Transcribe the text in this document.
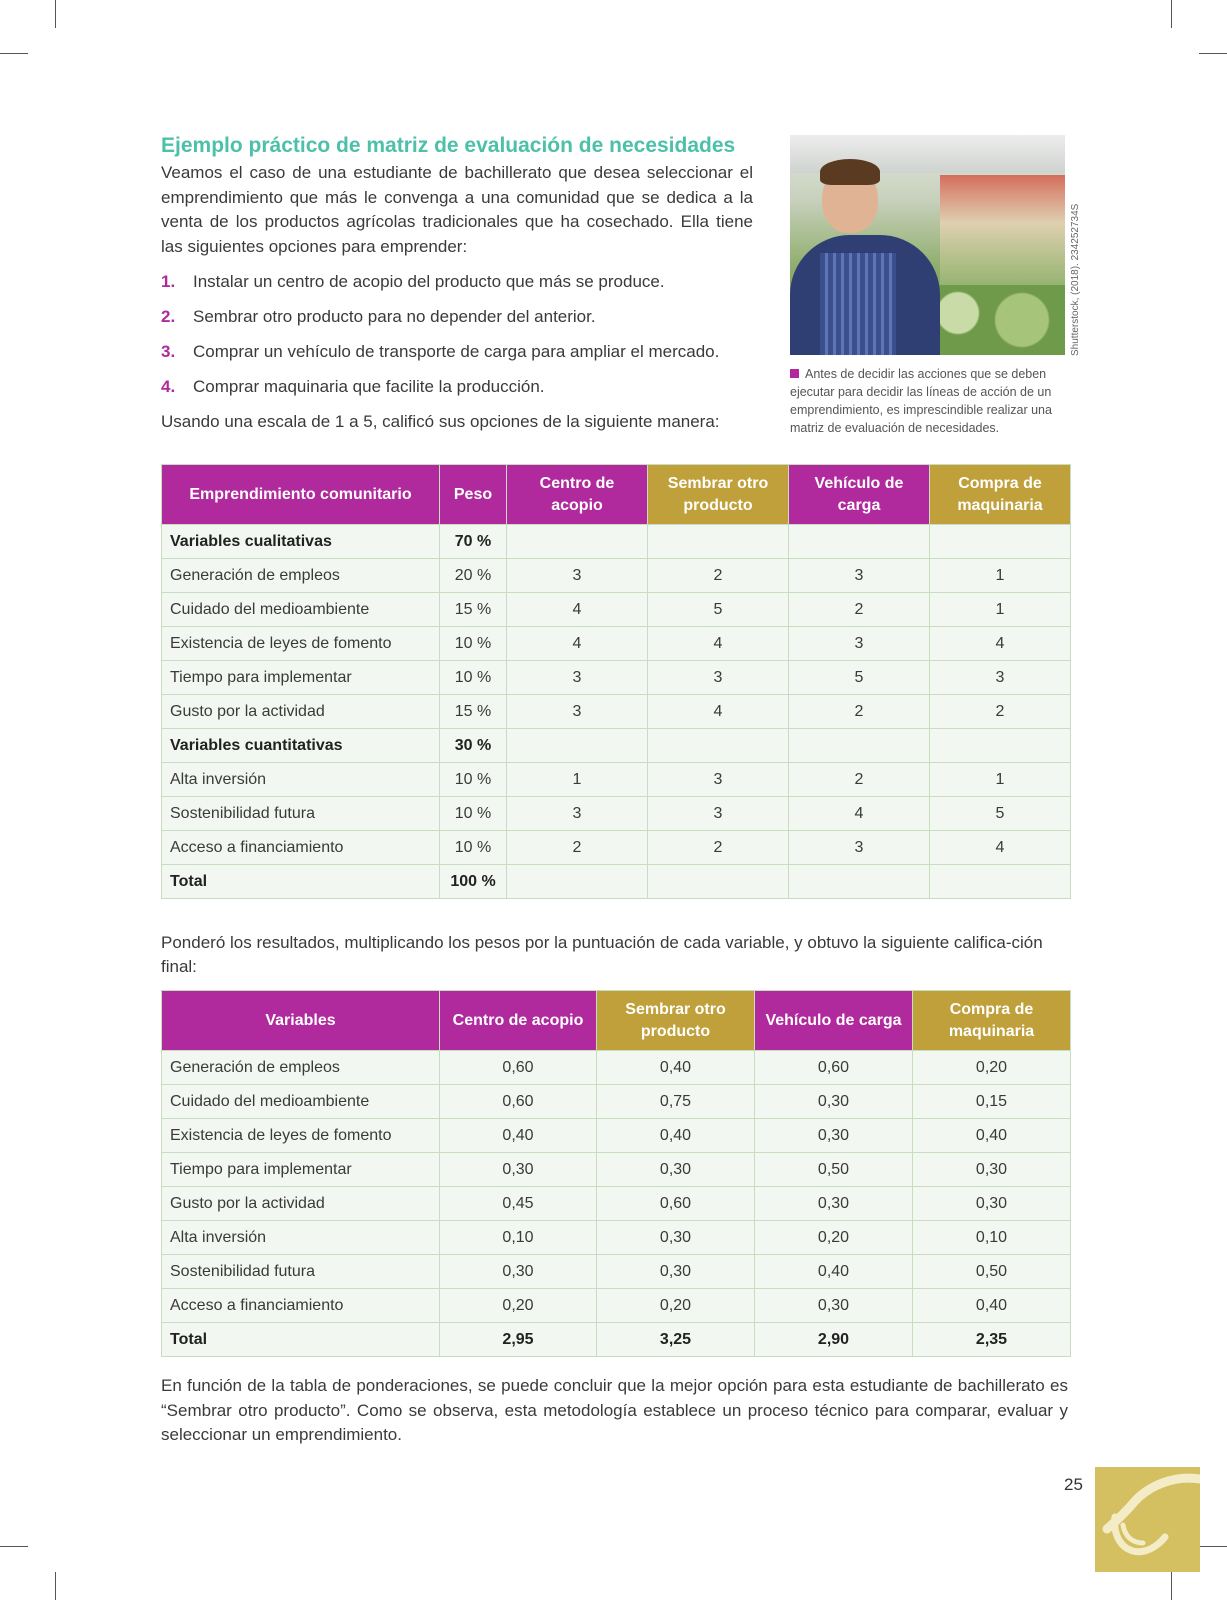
Ejemplo práctico de matriz de evaluación de necesidades

Veamos el caso de una estudiante de bachillerato que desea seleccionar el emprendimiento que más le convenga a una comunidad que se dedica a la venta de los productos agrícolas tradicionales que ha cosechado. Ella tiene las siguientes opciones para emprender:

1.	Instalar un centro de acopio del producto que más se produce.
2.	Sembrar otro producto para no depender del anterior.
3.	Comprar un vehículo de transporte de carga para ampliar el mercado.
4.	Comprar maquinaria que facilite la producción.

Usando una escala de 1 a 5, calificó sus opciones de la siguiente manera:

Shutterstock, (2018). 234252734S

Antes de decidir las acciones que se deben ejecutar para decidir las líneas de acción de un emprendimiento, es imprescindible realizar una matriz de evaluación de necesidades.

Emprendimiento comunitario	Peso	Centro de acopio	Sembrar otro producto	Vehículo de carga	Compra de maquinaria
Variables cualitativas	70 %				
Generación de empleos	20 %	3	2	3	1
Cuidado del medioambiente	15 %	4	5	2	1
Existencia de leyes de fomento	10 %	4	4	3	4
Tiempo para implementar	10 %	3	3	5	3
Gusto por la actividad	15 %	3	4	2	2
Variables cuantitativas	30 %				
Alta inversión	10 %	1	3	2	1
Sostenibilidad futura	10 %	3	3	4	5
Acceso a financiamiento	10 %	2	2	3	4
Total	100 %				

Ponderó los resultados, multiplicando los pesos por la puntuación de cada variable, y obtuvo la siguiente califica-ción final:

Variables	Centro de acopio	Sembrar otro producto	Vehículo de carga	Compra de maquinaria
Generación de empleos	0,60	0,40	0,60	0,20
Cuidado del medioambiente	0,60	0,75	0,30	0,15
Existencia de leyes de fomento	0,40	0,40	0,30	0,40
Tiempo para implementar	0,30	0,30	0,50	0,30
Gusto por la actividad	0,45	0,60	0,30	0,30
Alta inversión	0,10	0,30	0,20	0,10
Sostenibilidad futura	0,30	0,30	0,40	0,50
Acceso a financiamiento	0,20	0,20	0,30	0,40
Total	2,95	3,25	2,90	2,35

En función de la tabla de ponderaciones, se puede concluir que la mejor opción para esta estudiante de bachillerato es “Sembrar otro producto”. Como se observa, esta metodología establece un proceso técnico para comparar, evaluar y seleccionar un emprendimiento.

25
